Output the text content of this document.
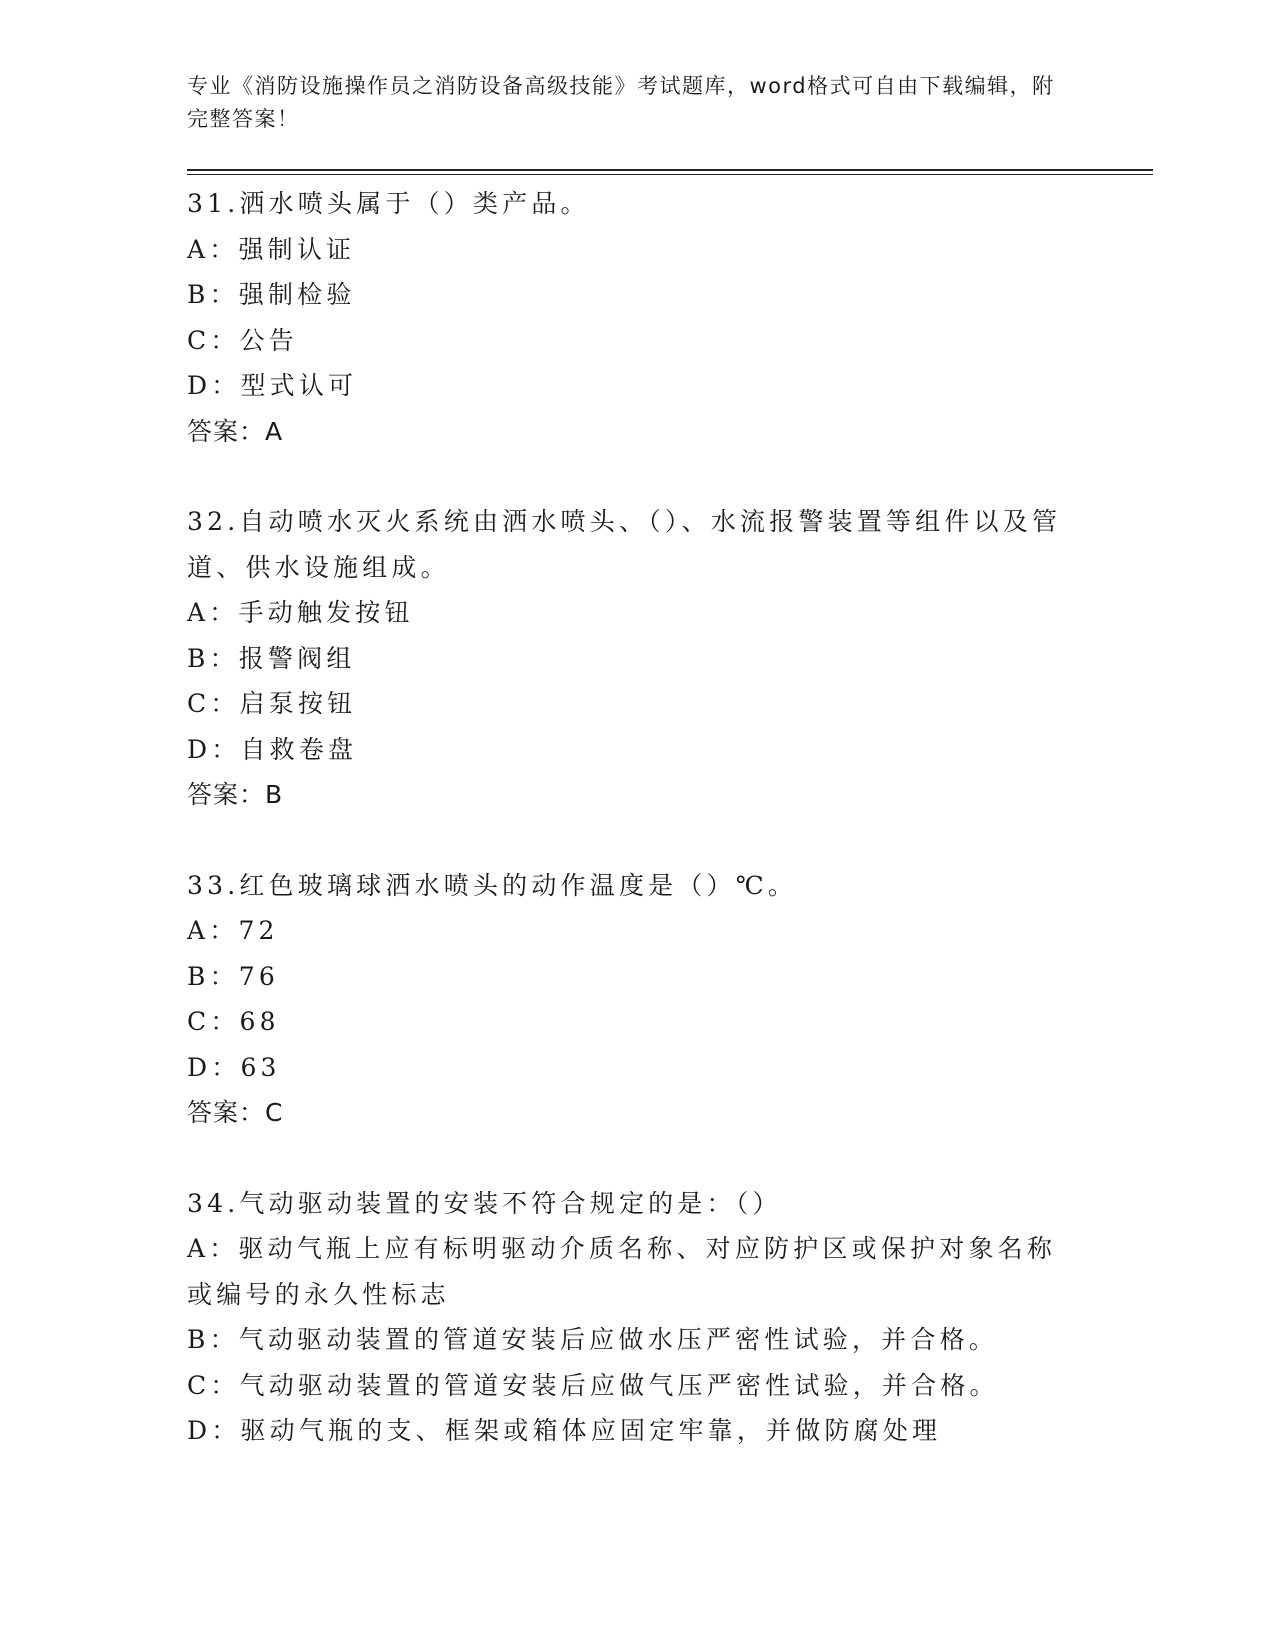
专业《消防设施操作员之消防设备高级技能》考试题库，word格式可自由下载编辑，附完整答案！
31.洒水喷头属于（）类产品。
A：强制认证
B：强制检验
C：公告
D：型式认可
答案：A
32.自动喷水灭火系统由洒水喷头、（）、水流报警装置等组件以及管道、供水设施组成。
A：手动触发按钮
B：报警阀组
C：启泵按钮
D：自救卷盘
答案：B
33.红色玻璃球洒水喷头的动作温度是（）℃。
A：72
B：76
C：68
D：63
答案：C
34.气动驱动装置的安装不符合规定的是：（）
A：驱动气瓶上应有标明驱动介质名称、对应防护区或保护对象名称或编号的永久性标志
B：气动驱动装置的管道安装后应做水压严密性试验，并合格。
C：气动驱动装置的管道安装后应做气压严密性试验，并合格。
D：驱动气瓶的支、框架或箱体应固定牢靠，并做防腐处理
